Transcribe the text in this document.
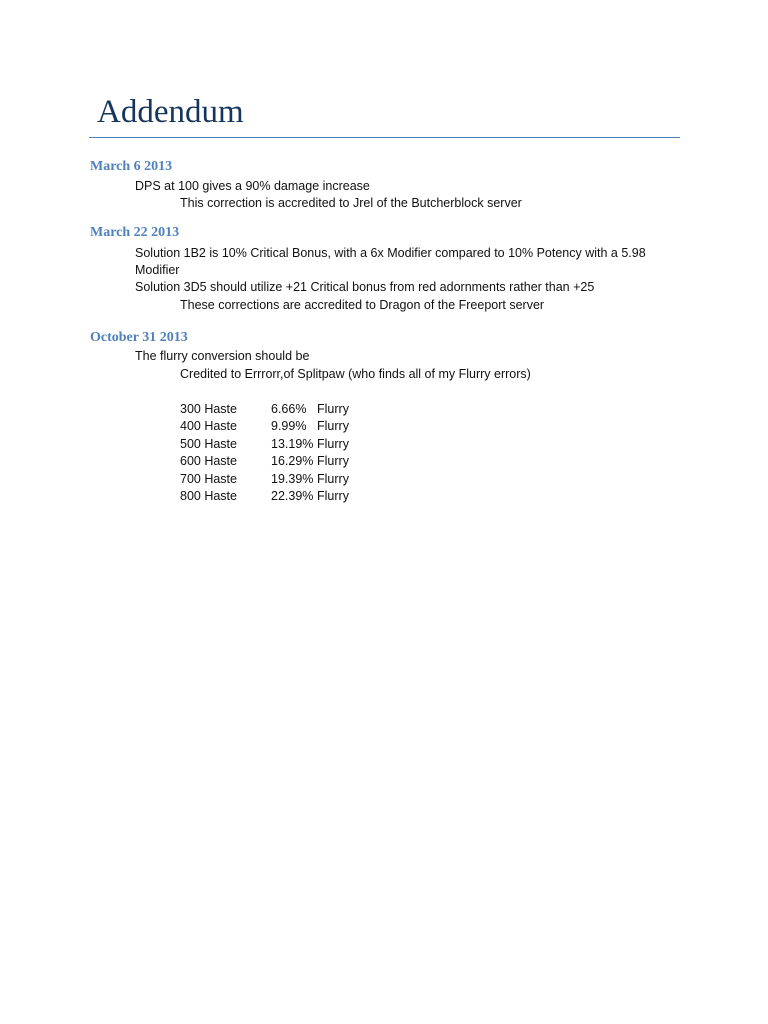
Addendum
March 6 2013

DPS at 100 gives a 90% damage increase

This correction is accredited to Jrel of the Butcherblock server

March 22 2013

Solution 1B2 is 10% Critical Bonus, with a 6x Modifier compared to 10% Potency with a 5.98

Modifier

Solution 3D5 should utilize +21 Critical bonus from red adornments rather than +25

These corrections are accredited to Dragon of the Freeport server

October 31 2013

The flurry conversion should be

Credited to Errrorr,of Splitpaw (who finds all of my Flurry errors)

300 Haste	6.66% Flurry
400 Haste	9.99% Flurry
500 Haste	13.19% Flurry
600 Haste	16.29% Flurry
700 Haste	19.39% Flurry
800 Haste	22.39% Flurry
